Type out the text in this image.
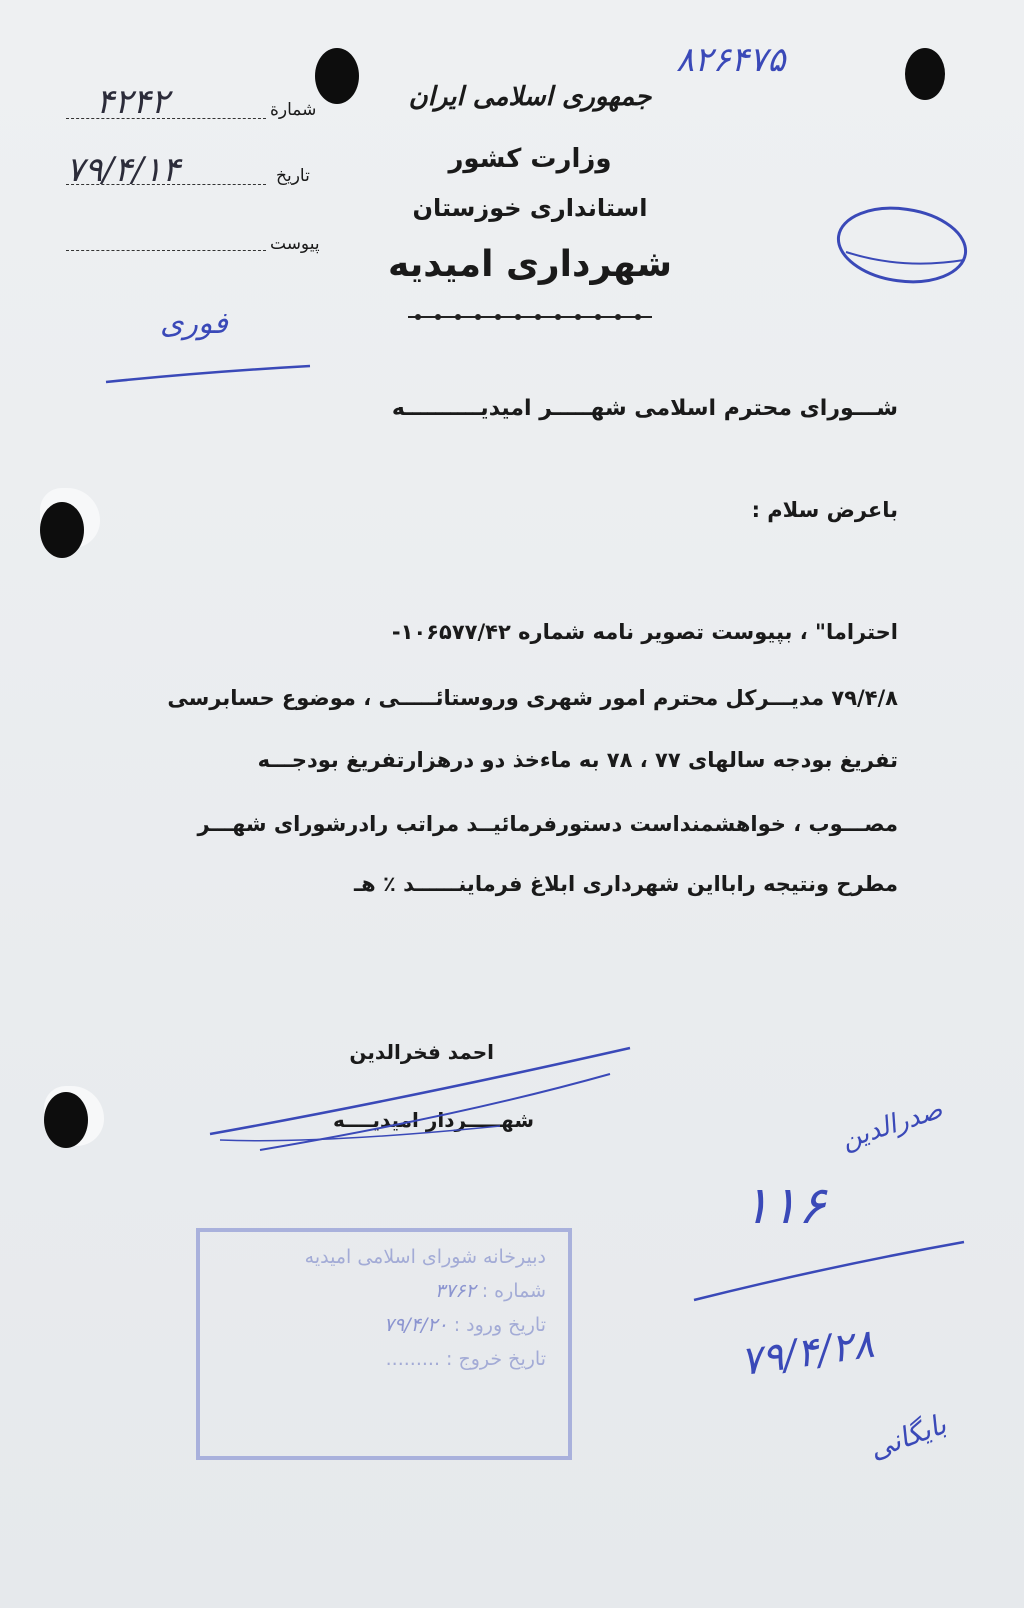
جمهوری اسلامی ایران
وزارت کشور
استانداری خوزستان
شهرداری امیدیه
شمارة
۴۲۴۲
تاریخ
۷۹/۴/۱۴
پیوست
۸۲۶۴۷۵
فوری
شـــورای محترم اسلامی شهـــــر امیدیــــــــــه
باعرض سلام :
احتراما" ، بپیوست تصویر نامه شماره ۱۰۶۵۷۷/۴۲-
۷۹/۴/۸ مدیـــرکل محترم امور شهری وروستائـــــی ، موضوع حسابرسی
تفریغ بودجه سالهای ۷۷ ، ۷۸ به ماءخذ دو درهزارتفریغ بودجـــه
مصـــوب ، خواهشمنداست دستورفرمائیــد مراتب رادرشورای شهـــر
مطرح ونتیجه رابااین شهرداری ابلاغ فرماینــــــد ٪ هـ
احمد فخرالدین
شهـــــردار امیدیــــه	صدرالدین
۱۱۶
۷۹/۴/۲۸
بایگانی
دبیرخانه شورای اسلامی امیدیه
شماره : ۳۷۶۲
تاریخ ورود : ۷۹/۴/۲۰
تاریخ خروج : .........
